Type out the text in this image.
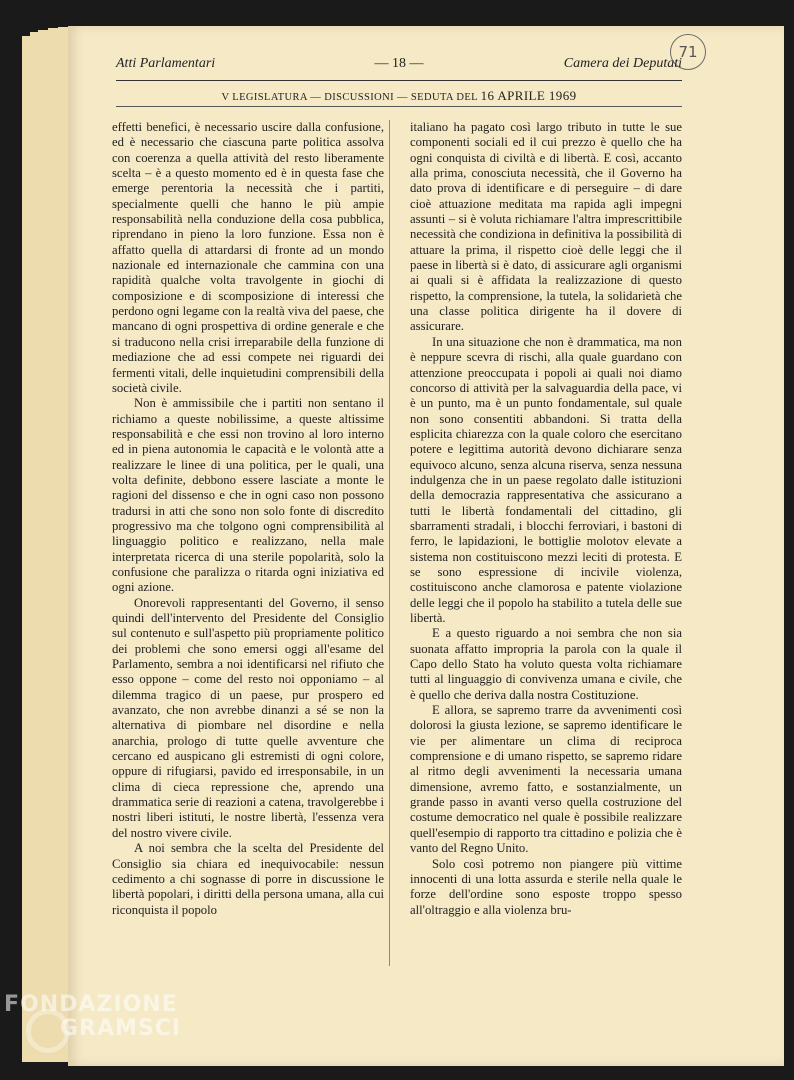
71
Atti Parlamentari	— 18 —	Camera dei Deputati
V LEGISLATURA — DISCUSSIONI — SEDUTA DEL 16 APRILE 1969

effetti benefici, è necessario uscire dalla confusione, ed è necessario che ciascuna parte politica assolva con coerenza a quella attività del resto liberamente scelta – è a questo momento ed è in questa fase che emerge perentoria la necessità che i partiti, specialmente quelli che hanno le più ampie responsabilità nella conduzione della cosa pubblica, riprendano in pieno la loro funzione. Essa non è affatto quella di attardarsi di fronte ad un mondo nazionale ed internazionale che cammina con una rapidità qualche volta travolgente in giochi di composizione e di scomposizione di interessi che perdono ogni legame con la realtà viva del paese, che mancano di ogni prospettiva di ordine generale e che si traducono nella crisi irreparabile della funzione di mediazione che ad essi compete nei riguardi dei fermenti vitali, delle inquietudini comprensibili della società civile.

Non è ammissibile che i partiti non sentano il richiamo a queste nobilissime, a queste altissime responsabilità e che essi non trovino al loro interno ed in piena autonomia le capacità e le volontà atte a realizzare le linee di una politica, per le quali, una volta definite, debbono essere lasciate a monte le ragioni del dissenso e che in ogni caso non possono tradursi in atti che sono non solo fonte di discredito progressivo ma che tolgono ogni comprensibilità al linguaggio politico e realizzano, nella male interpretata ricerca di una sterile popolarità, solo la confusione che paralizza o ritarda ogni iniziativa ed ogni azione.

Onorevoli rappresentanti del Governo, il senso quindi dell'intervento del Presidente del Consiglio sul contenuto e sull'aspetto più propriamente politico dei problemi che sono emersi oggi all'esame del Parlamento, sembra a noi identificarsi nel rifiuto che esso oppone – come del resto noi opponiamo – al dilemma tragico di un paese, pur prospero ed avanzato, che non avrebbe dinanzi a sé se non la alternativa di piombare nel disordine e nella anarchia, prologo di tutte quelle avventure che cercano ed auspicano gli estremisti di ogni colore, oppure di rifugiarsi, pavido ed irresponsabile, in un clima di cieca repressione che, aprendo una drammatica serie di reazioni a catena, travolgerebbe i nostri liberi istituti, le nostre libertà, l'essenza vera del nostro vivere civile.

A noi sembra che la scelta del Presidente del Consiglio sia chiara ed inequivocabile: nessun cedimento a chi sognasse di porre in discussione le libertà popolari, i diritti della persona umana, alla cui riconquista il popolo

italiano ha pagato così largo tributo in tutte le sue componenti sociali ed il cui prezzo è quello che ha ogni conquista di civiltà e di libertà. E così, accanto alla prima, conosciuta necessità, che il Governo ha dato prova di identificare e di perseguire – di dare cioè attuazione meditata ma rapida agli impegni assunti – si è voluta richiamare l'altra imprescrittibile necessità che condiziona in definitiva la possibilità di attuare la prima, il rispetto cioè delle leggi che il paese in libertà si è dato, di assicurare agli organismi ai quali si è affidata la realizzazione di questo rispetto, la comprensione, la tutela, la solidarietà che una classe politica dirigente ha il dovere di assicurare.

In una situazione che non è drammatica, ma non è neppure scevra di rischi, alla quale guardano con attenzione preoccupata i popoli ai quali noi diamo concorso di attività per la salvaguardia della pace, vi è un punto, ma è un punto fondamentale, sul quale non sono consentiti abbandoni. Si tratta della esplicita chiarezza con la quale coloro che esercitano potere e legittima autorità devono dichiarare senza equivoco alcuno, senza alcuna riserva, senza nessuna indulgenza che in un paese regolato dalle istituzioni della democrazia rappresentativa che assicurano a tutti le libertà fondamentali del cittadino, gli sbarramenti stradali, i blocchi ferroviari, i bastoni di ferro, le lapidazioni, le bottiglie molotov elevate a sistema non costituiscono mezzi leciti di protesta. E se sono espressione di incivile violenza, costituiscono anche clamorosa e patente violazione delle leggi che il popolo ha stabilito a tutela delle sue libertà.

E a questo riguardo a noi sembra che non sia suonata affatto impropria la parola con la quale il Capo dello Stato ha voluto questa volta richiamare tutti al linguaggio di convivenza umana e civile, che è quello che deriva dalla nostra Costituzione.

E allora, se sapremo trarre da avvenimenti così dolorosi la giusta lezione, se sapremo identificare le vie per alimentare un clima di reciproca comprensione e di umano rispetto, se sapremo ridare al ritmo degli avvenimenti la necessaria umana dimensione, avremo fatto, e sostanzialmente, un grande passo in avanti verso quella costruzione del costume democratico nel quale è possibile realizzare quell'esempio di rapporto tra cittadino e polizia che è vanto del Regno Unito.

Solo così potremo non piangere più vittime innocenti di una lotta assurda e sterile nella quale le forze dell'ordine sono esposte troppo spesso all'oltraggio e alla violenza bru-

FONDAZIONE
GRAMSCI
